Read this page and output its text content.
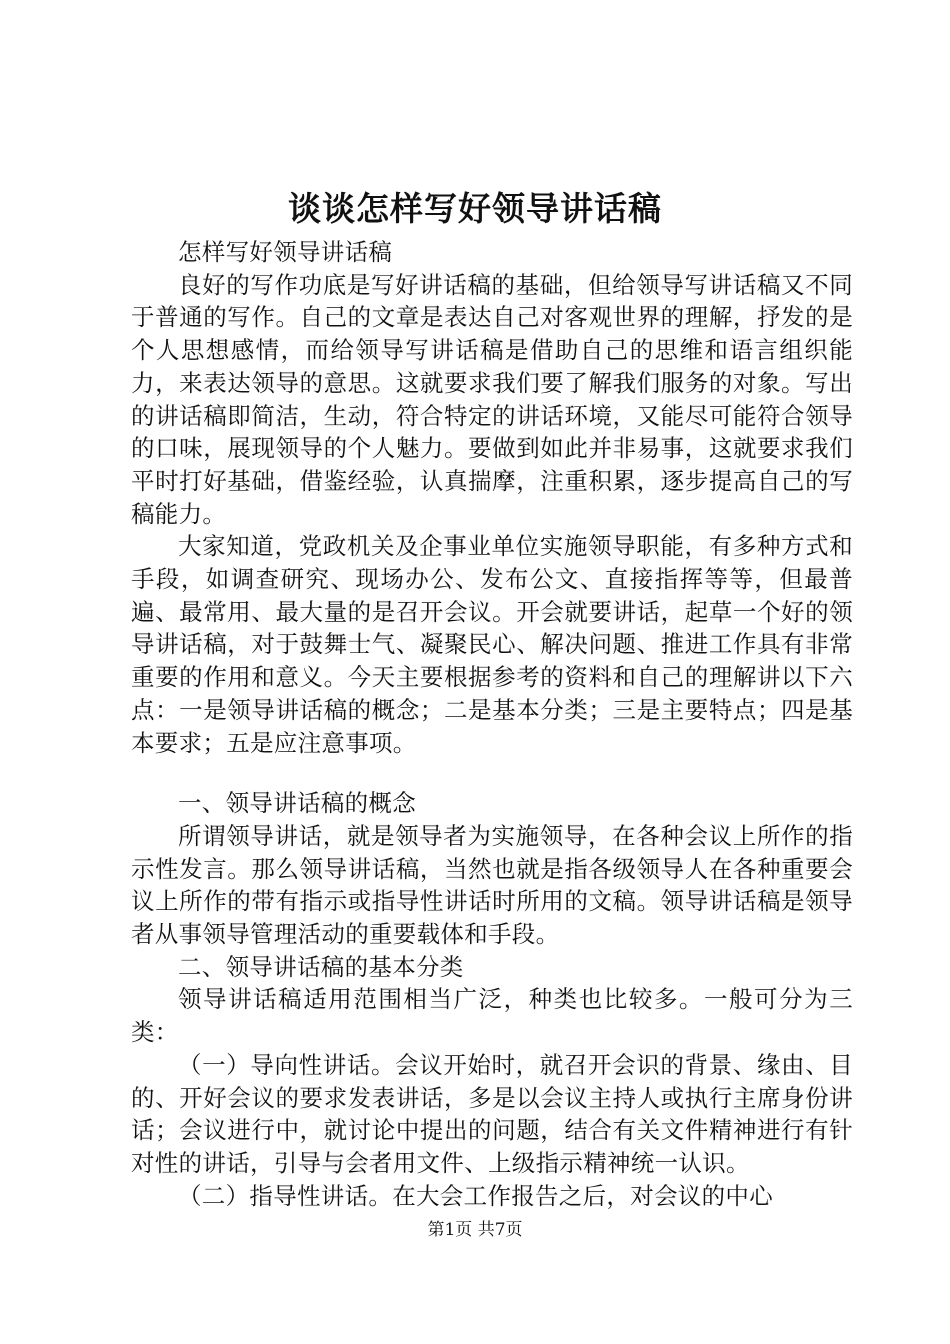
谈谈怎样写好领导讲话稿

怎样写好领导讲话稿

良好的写作功底是写好讲话稿的基础，但给领导写讲话稿又不同于普通的写作。自己的文章是表达自己对客观世界的理解，抒发的是个人思想感情，而给领导写讲话稿是借助自己的思维和语言组织能力，来表达领导的意思。这就要求我们要了解我们服务的对象。写出的讲话稿即简洁，生动，符合特定的讲话环境，又能尽可能符合领导的口味，展现领导的个人魅力。要做到如此并非易事，这就要求我们平时打好基础，借鉴经验，认真揣摩，注重积累，逐步提高自己的写稿能力。

大家知道，党政机关及企事业单位实施领导职能，有多种方式和手段，如调查研究、现场办公、发布公文、直接指挥等等，但最普遍、最常用、最大量的是召开会议。开会就要讲话，起草一个好的领导讲话稿，对于鼓舞士气、凝聚民心、解决问题、推进工作具有非常重要的作用和意义。今天主要根据参考的资料和自己的理解讲以下六点：一是领导讲话稿的概念；二是基本分类；三是主要特点；四是基本要求；五是应注意事项。

一、领导讲话稿的概念

所谓领导讲话，就是领导者为实施领导，在各种会议上所作的指示性发言。那么领导讲话稿，当然也就是指各级领导人在各种重要会议上所作的带有指示或指导性讲话时所用的文稿。领导讲话稿是领导者从事领导管理活动的重要载体和手段。

二、领导讲话稿的基本分类

领导讲话稿适用范围相当广泛，种类也比较多。一般可分为三类：

（一）导向性讲话。会议开始时，就召开会识的背景、缘由、目的、开好会议的要求发表讲话，多是以会议主持人或执行主席身份讲话；会议进行中，就讨论中提出的问题，结合有关文件精神进行有针对性的讲话，引导与会者用文件、上级指示精神统一认识。

（二）指导性讲话。在大会工作报告之后，对会议的中心

第1页 共7页
